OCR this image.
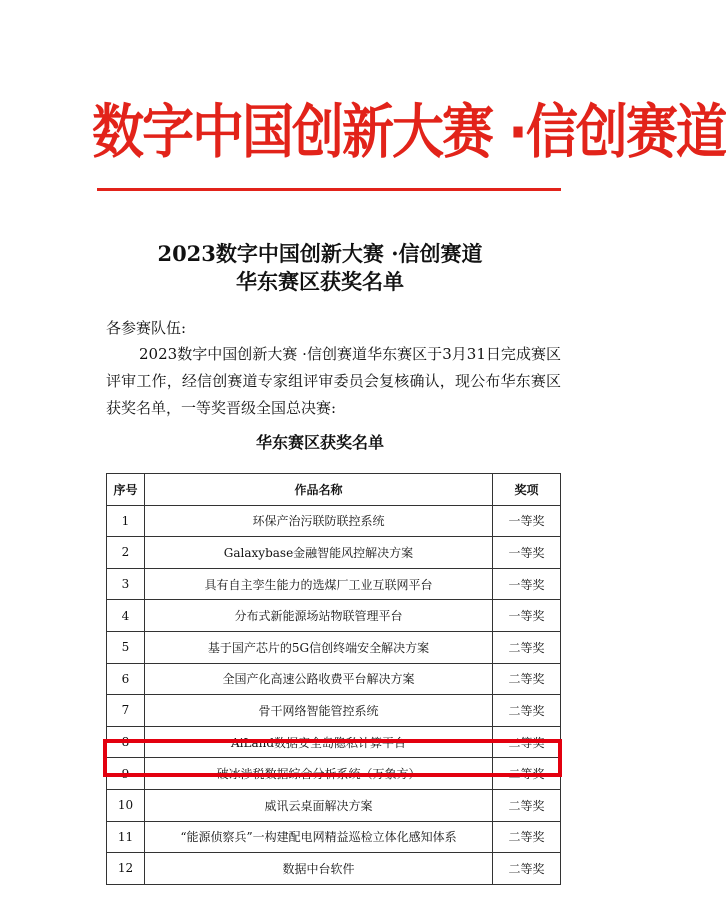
数字中国创新大赛 ·信创赛道
2023数字中国创新大赛 ·信创赛道
华东赛区获奖名单
各参赛队伍:
2023数字中国创新大赛 ·信创赛道华东赛区于3月31日完成赛区评审工作，经信创赛道专家组评审委员会复核确认，现公布华东赛区获奖名单，一等奖晋级全国总决赛:
华东赛区获奖名单
序号	作品名称	奖项
1	环保产治污联防联控系统	一等奖
2	Galaxybase金融智能风控解决方案	一等奖
3	具有自主孪生能力的选煤厂工业互联网平台	一等奖
4	分布式新能源场站物联管理平台	一等奖
5	基于国产芯片的5G信创终端安全解决方案	二等奖
6	全国产化高速公路收费平台解决方案	二等奖
7	骨干网络智能管控系统	二等奖
8	AiLand数据安全岛隐私计算平台	二等奖
9	破冰涉税数据综合分析系统（万象方）	二等奖
10	威讯云桌面解决方案	二等奖
11	“能源侦察兵”一构建配电网精益巡检立体化感知体系	二等奖
12	数据中台软件	二等奖
